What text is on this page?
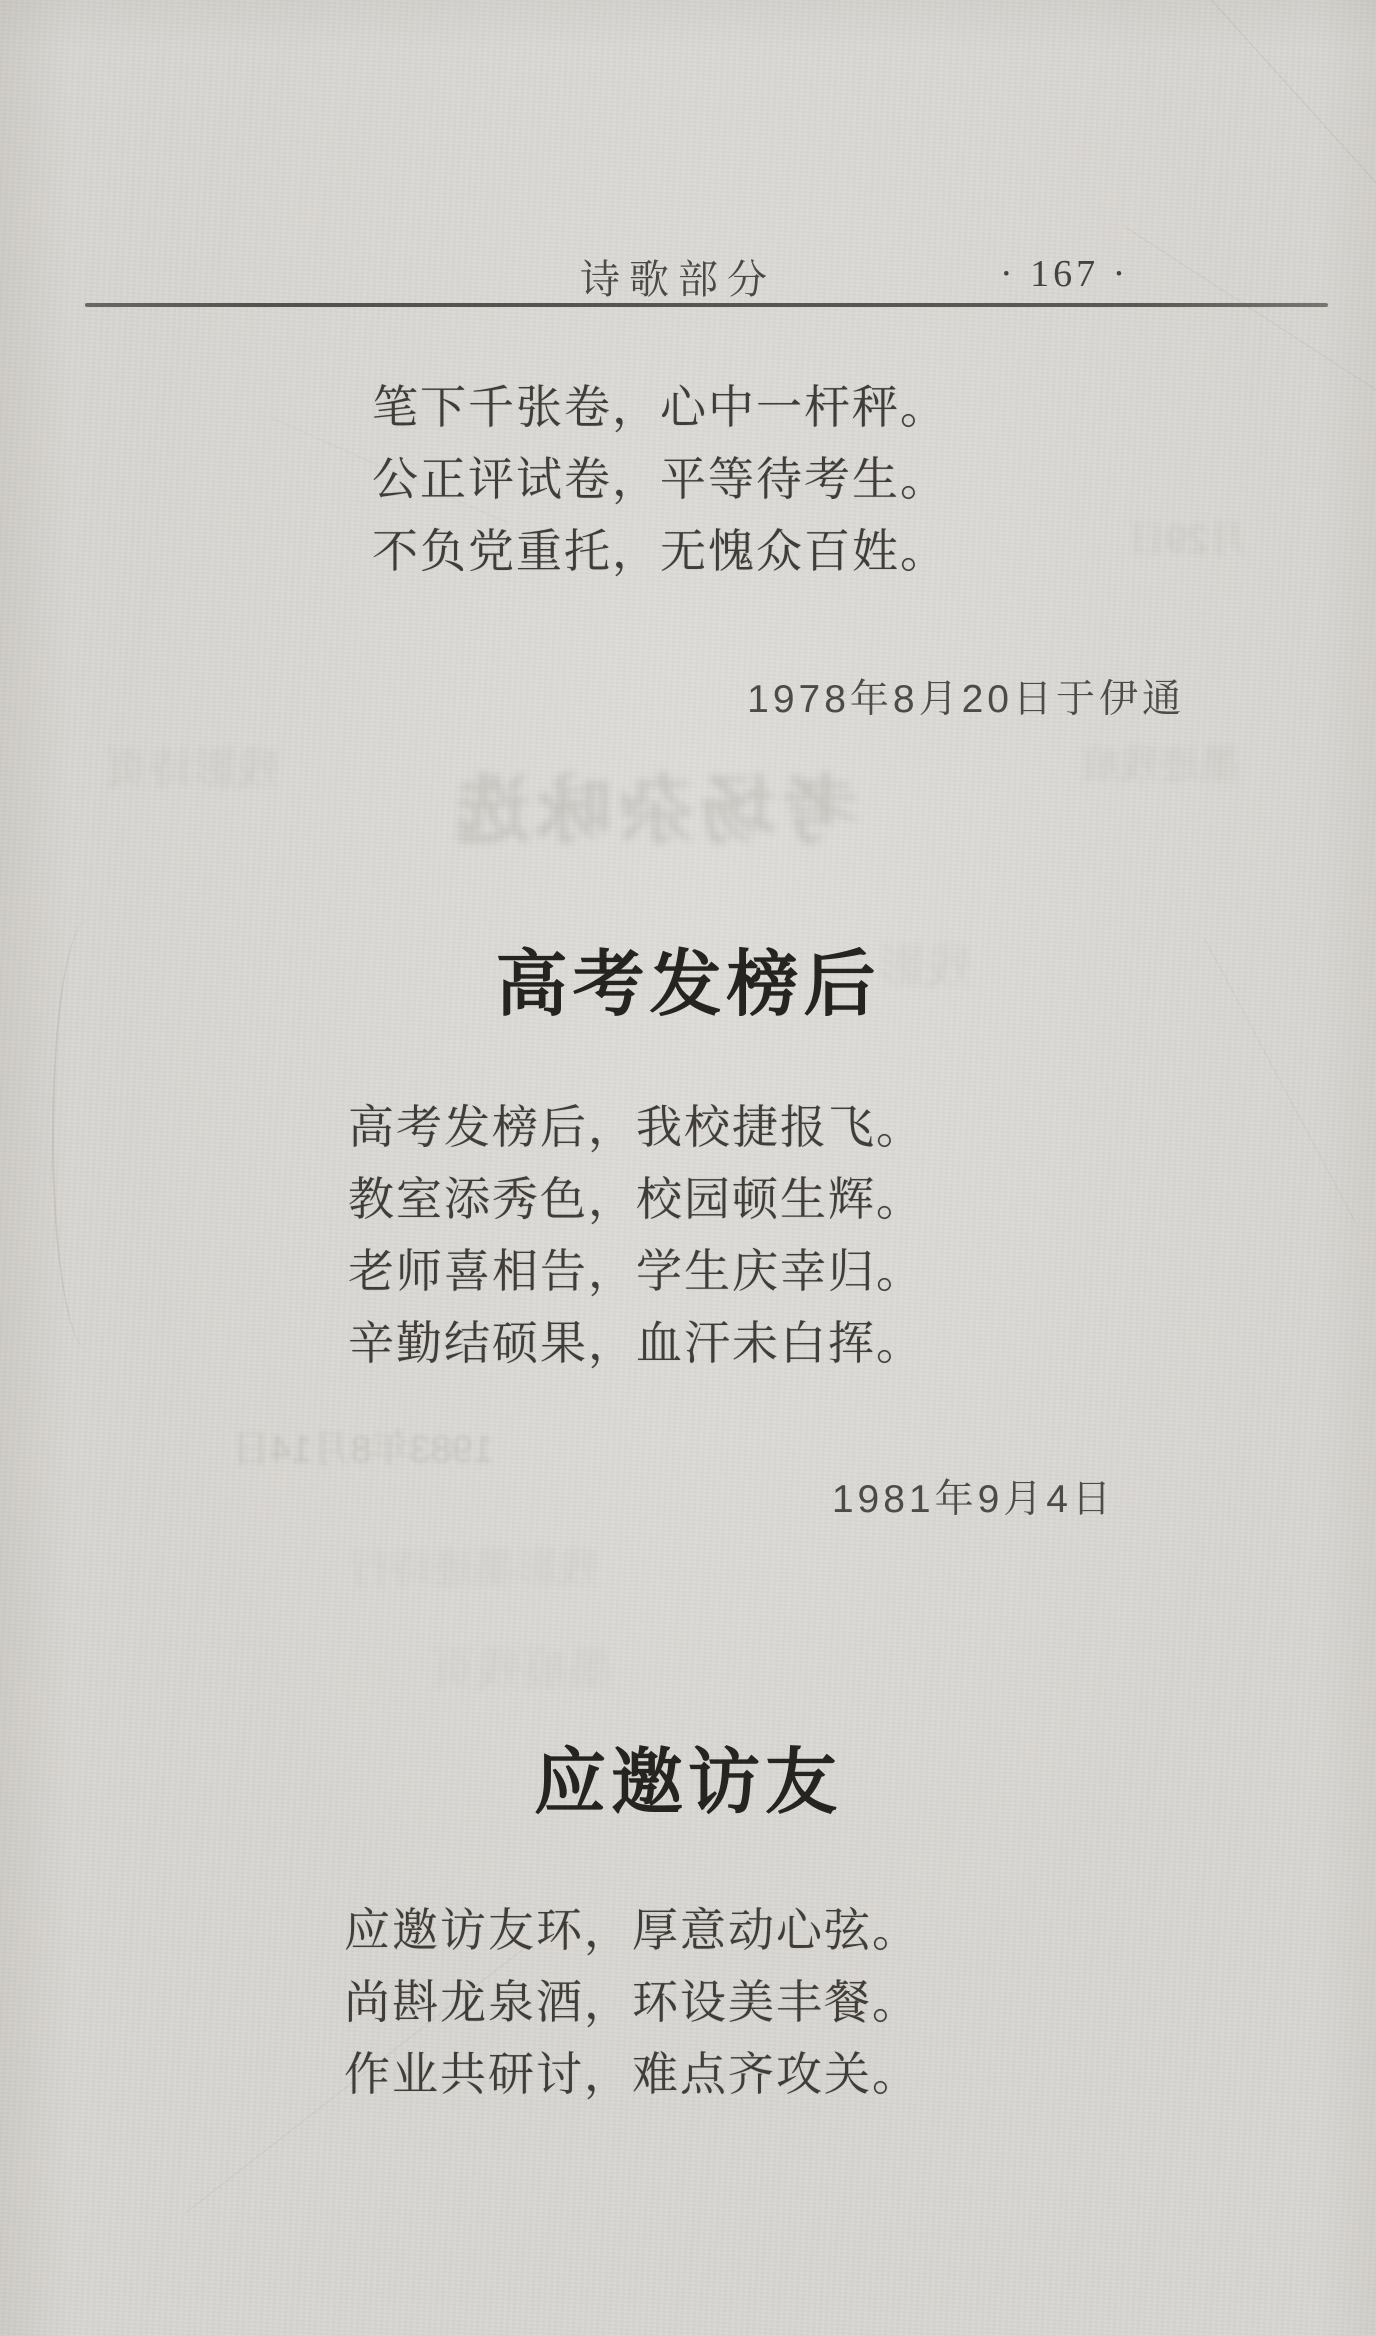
月29日
残影诗页 考场杂咏选
墨迹残痕
残影
1983年8月14日
残影墨迹诗行
墨痕残页
诗歌部分	· 167 ·
笔下千张卷，心中一杆秤。
公正评试卷，平等待考生。
不负党重托，无愧众百姓。
1978年8月20日于伊通
高考发榜后
高考发榜后，我校捷报飞。
教室添秀色，校园顿生辉。
老师喜相告，学生庆幸归。
辛勤结硕果，血汗未白挥。
1981年9月4日
应邀访友
应邀访友环，厚意动心弦。
尚斟龙泉酒，环设美丰餐。
作业共研讨，难点齐攻关。
